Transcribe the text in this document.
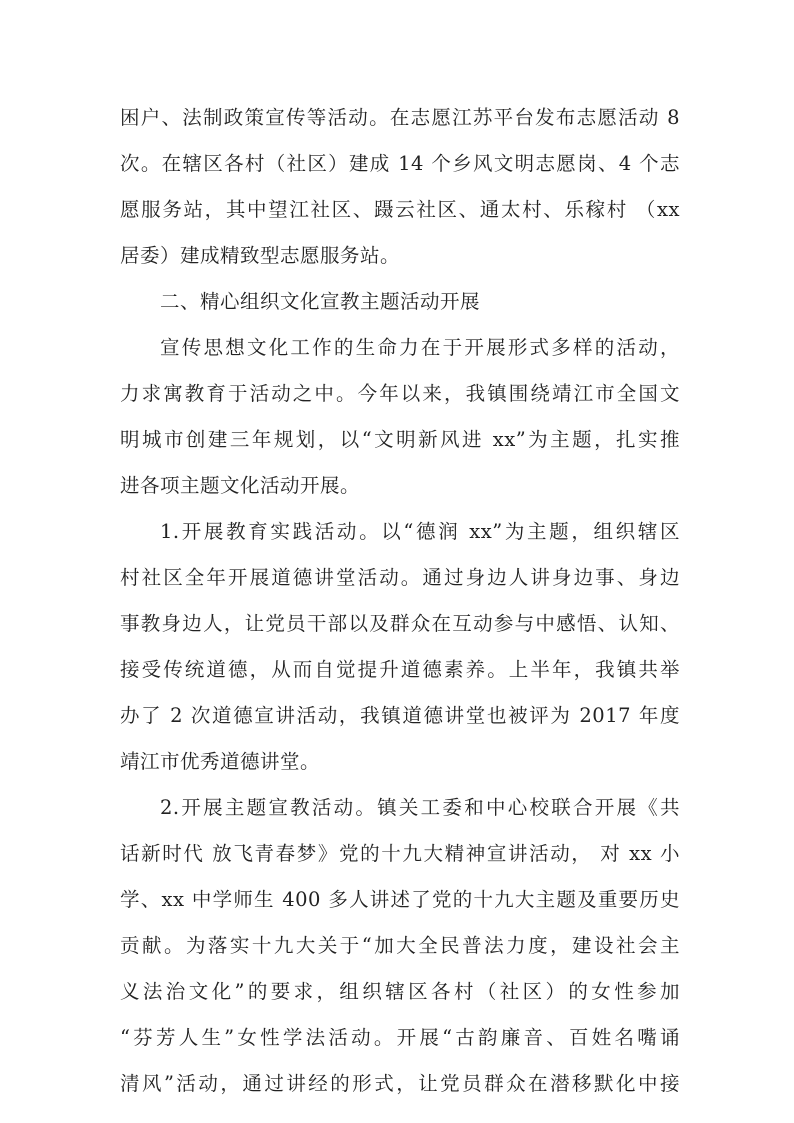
困户、法制政策宣传等活动。在志愿江苏平台发布志愿活动 8
次。在辖区各村（社区）建成 14 个乡风文明志愿岗、4 个志
愿服务站，其中望江社区、蹑云社区、通太村、乐稼村 （xx
居委）建成精致型志愿服务站。
二、精心组织文化宣教主题活动开展
宣传思想文化工作的生命力在于开展形式多样的活动，
力求寓教育于活动之中。今年以来，我镇围绕靖江市全国文
明城市创建三年规划，以“文明新风进 xx”为主题，扎实推
进各项主题文化活动开展。
1.开展教育实践活动。以“德润 xx”为主题，组织辖区
村社区全年开展道德讲堂活动。通过身边人讲身边事、身边
事教身边人，让党员干部以及群众在互动参与中感悟、认知、
接受传统道德，从而自觉提升道德素养。上半年，我镇共举
办了 2 次道德宣讲活动，我镇道德讲堂也被评为 2017 年度
靖江市优秀道德讲堂。
2.开展主题宣教活动。镇关工委和中心校联合开展《共
话新时代 放飞青春梦》党的十九大精神宣讲活动， 对 xx 小
学、xx 中学师生 400 多人讲述了党的十九大主题及重要历史
贡献。为落实十九大关于“加大全民普法力度，建设社会主
义法治文化”的要求，组织辖区各村（社区）的女性参加
“芬芳人生”女性学法活动。开展“古韵廉音、百姓名嘴诵
清风”活动，通过讲经的形式，让党员群众在潜移默化中接
